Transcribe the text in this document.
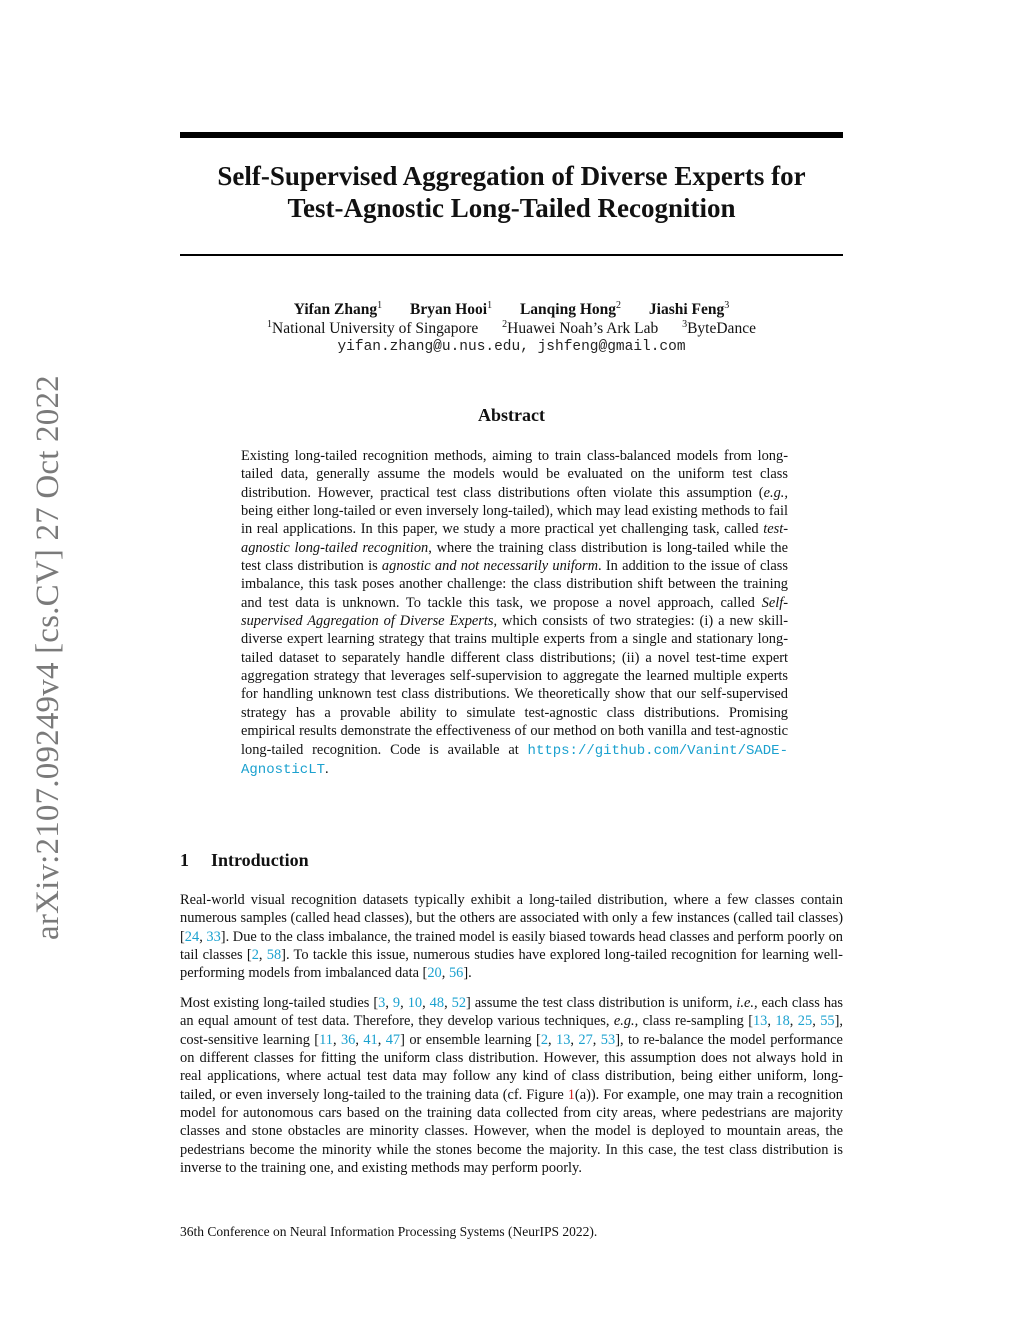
arXiv:2107.09249v4 [cs.CV] 27 Oct 2022
Self-Supervised Aggregation of Diverse Experts for
Test-Agnostic Long-Tailed Recognition
Yifan Zhang$^1$ Bryan Hooi$^1$ Lanqing Hong$^2$ Jiashi Feng$^3$
$^1$National University of Singapore $^2$Huawei Noah’s Ark Lab $^3$ByteDance
yifan.zhang@u.nus.edu, jshfeng@gmail.com
Abstract

Existing long-tailed recognition methods, aiming to train class-balanced models from long-tailed data, generally assume the models would be evaluated on the uniform test class distribution. However, practical test class distributions often violate this assumption (e.g., being either long-tailed or even inversely long-tailed), which may lead existing methods to fail in real applications. In this paper, we study a more practical yet challenging task, called test-agnostic long-tailed recognition, where the training class distribution is long-tailed while the test class distribution is agnostic and not necessarily uniform. In addition to the issue of class imbalance, this task poses another challenge: the class distribution shift between the training and test data is unknown. To tackle this task, we propose a novel approach, called Self-supervised Aggregation of Diverse Experts, which consists of two strategies: (i) a new skill-diverse expert learning strategy that trains multiple experts from a single and stationary long-tailed dataset to separately handle different class distributions; (ii) a novel test-time expert aggregation strategy that leverages self-supervision to aggregate the learned multiple experts for handling unknown test class distributions. We theoretically show that our self-supervised strategy has a provable ability to simulate test-agnostic class distributions. Promising empirical results demonstrate the effectiveness of our method on both vanilla and test-agnostic long-tailed recognition. Code is available at https://github.com/Vanint/SADE-AgnosticLT.

1 Introduction

Real-world visual recognition datasets typically exhibit a long-tailed distribution, where a few classes contain numerous samples (called head classes), but the others are associated with only a few instances (called tail classes) [24, 33]. Due to the class imbalance, the trained model is easily biased towards head classes and perform poorly on tail classes [2, 58]. To tackle this issue, numerous studies have explored long-tailed recognition for learning well-performing models from imbalanced data [20, 56].

Most existing long-tailed studies [3, 9, 10, 48, 52] assume the test class distribution is uniform, i.e., each class has an equal amount of test data. Therefore, they develop various techniques, e.g., class re-sampling [13, 18, 25, 55], cost-sensitive learning [11, 36, 41, 47] or ensemble learning [2, 13, 27, 53], to re-balance the model performance on different classes for fitting the uniform class distribution. However, this assumption does not always hold in real applications, where actual test data may follow any kind of class distribution, being either uniform, long-tailed, or even inversely long-tailed to the training data (cf. Figure 1(a)). For example, one may train a recognition model for autonomous cars based on the training data collected from city areas, where pedestrians are majority classes and stone obstacles are minority classes. However, when the model is deployed to mountain areas, the pedestrians become the minority while the stones become the majority. In this case, the test class distribution is inverse to the training one, and existing methods may perform poorly.

36th Conference on Neural Information Processing Systems (NeurIPS 2022).
